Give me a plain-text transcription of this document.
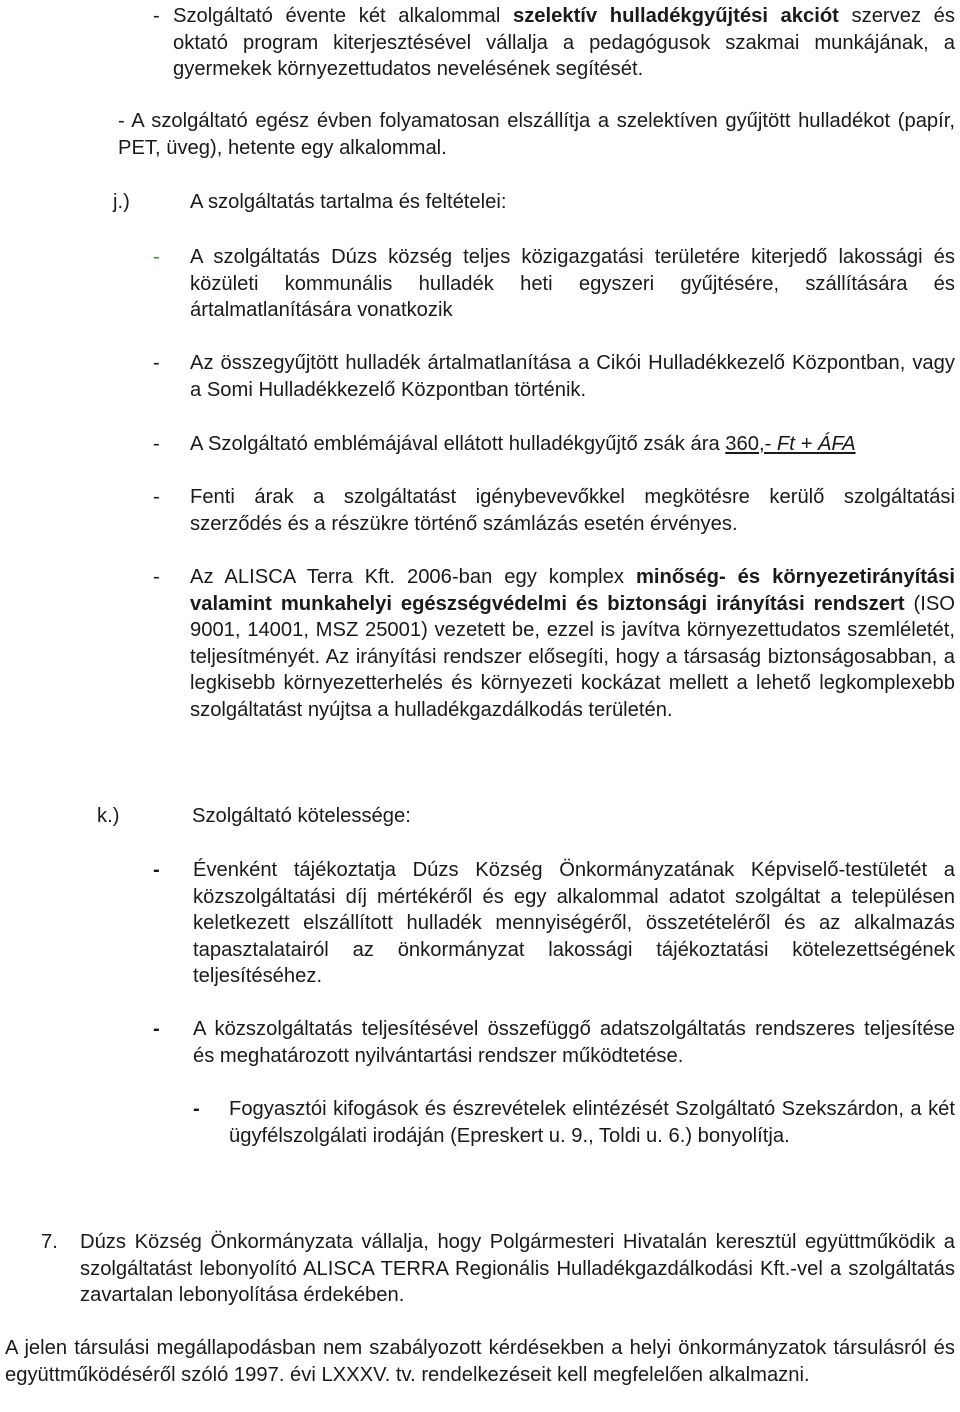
- Szolgáltató évente két alkalommal szelektív hulladékgyűjtési akciót szervez és oktató program kiterjesztésével vállalja a pedagógusok szakmai munkájának, a gyermekek környezettudatos nevelésének segítését.
- A szolgáltató egész évben folyamatosan elszállítja a szelektíven gyűjtött hulladékot (papír, PET, üveg), hetente egy alkalommal.
j.)	A szolgáltatás tartalma és feltételei:
- A szolgáltatás Dúzs község teljes közigazgatási területére kiterjedő lakossági és közületi kommunális hulladék heti egyszeri gyűjtésére, szállítására és ártalmatlanítására vonatkozik
- Az összegyűjtött hulladék ártalmatlanítása a Cikói Hulladékkezelő Központban, vagy a Somi Hulladékkezelő Központban történik.
- A Szolgáltató emblémájával ellátott hulladékgyűjtő zsák ára 360,- Ft + ÁFA
- Fenti árak a szolgáltatást igénybevevőkkel megkötésre kerülő szolgáltatási szerződés és a részükre történő számlázás esetén érvényes.
- Az ALISCA Terra Kft. 2006-ban egy komplex minőség- és környezetirányítási valamint munkahelyi egészségvédelmi és biztonsági irányítási rendszert (ISO 9001, 14001, MSZ 25001) vezetett be, ezzel is javítva környezettudatos szemléletét, teljesítményét. Az irányítási rendszer elősegíti, hogy a társaság biztonságosabban, a legkisebb környezetterhelés és környezeti kockázat mellett a lehető legkomplexebb szolgáltatást nyújtsa a hulladékgazdálkodás területén.
k.)	Szolgáltató kötelessége:
- Évenként tájékoztatja Dúzs Község Önkormányzatának Képviselő-testületét a közszolgáltatási díj mértékéről és egy alkalommal adatot szolgáltat a településen keletkezett elszállított hulladék mennyiségéről, összetételéről és az alkalmazás tapasztalatairól az önkormányzat lakossági tájékoztatási kötelezettségének teljesítéséhez.
- A közszolgáltatás teljesítésével összefüggő adatszolgáltatás rendszeres teljesítése és meghatározott nyilvántartási rendszer működtetése.
- Fogyasztói kifogások és észrevételek elintézését Szolgáltató Szekszárdon, a két ügyfélszolgálati irodáján (Epreskert u. 9., Toldi u. 6.) bonyolítja.
7. Dúzs Község Önkormányzata vállalja, hogy Polgármesteri Hivatalán keresztül együttműködik a szolgáltatást lebonyolító ALISCA TERRA Regionális Hulladékgazdálkodási Kft.-vel a szolgáltatás zavartalan lebonyolítása érdekében.
A jelen társulási megállapodásban nem szabályozott kérdésekben a helyi önkormányzatok társulásról és együttműködéséről szóló 1997. évi LXXXV. tv. rendelkezéseit kell megfelelően alkalmazni.
